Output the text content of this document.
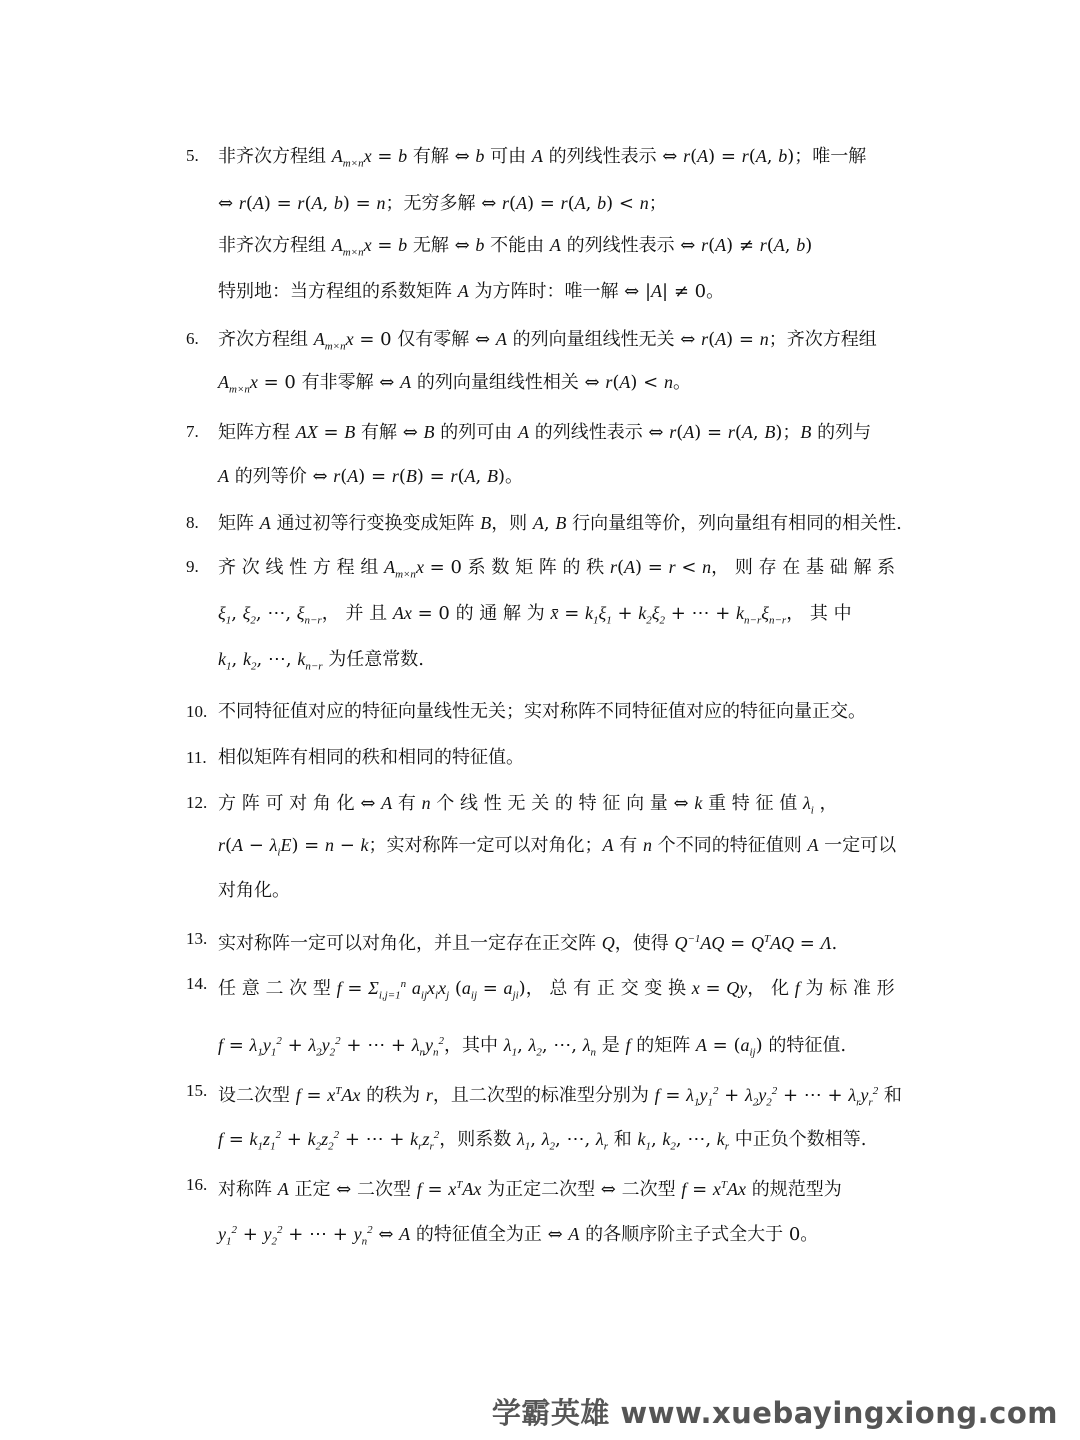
5.	非齐次方程组 $A_{m\times n}x = b$ 有解 ⇔ b 可由 A 的列线性表示 ⇔ r(A) = r(A, b)；唯一解
⇔ r(A) = r(A, b) = n；无穷多解 ⇔ r(A) = r(A, b) < n；
非齐次方程组 $A_{m\times n}x = b$ 无解 ⇔ b 不能由 A 的列线性表示 ⇔ r(A) ≠ r(A, b)
特别地：当方程组的系数矩阵 A 为方阵时：唯一解 ⇔ |A| ≠ 0。
6.	齐次方程组 $A_{m\times n}x = 0$ 仅有零解 ⇔ A 的列向量组线性无关 ⇔ r(A) = n；齐次方程组
$A_{m\times n}x = 0$ 有非零解 ⇔ A 的列向量组线性相关 ⇔ r(A) < n。
7.	矩阵方程 AX = B 有解 ⇔ B 的列可由 A 的列线性表示 ⇔ r(A) = r(A, B)；B 的列与
A 的列等价 ⇔ r(A) = r(B) = r(A, B)。
8.	矩阵 A 通过初等行变换变成矩阵 B，则 A, B 行向量组等价，列向量组有相同的相关性.
9.	齐 次 线 性 方 程 组 $A_{m\times n}x = 0$ 系 数 矩 阵 的 秩 r(A) = r < n， 则 存 在 基 础 解 系
$\xi_1$, $\xi_2$, ⋯, $\xi_{n-r}$， 并 且 Ax = 0 的 通 解 为 x̄ = $k_1\xi_1 + k_2\xi_2$ + ⋯ + $k_{n-r}\xi_{n-r}$， 其 中
$k_1$, $k_2$, ⋯, $k_{n-r}$ 为任意常数.
10. 不同特征值对应的特征向量线性无关；实对称阵不同特征值对应的特征向量正交。
11. 相似矩阵有相同的秩和相同的特征值。
12. 方 阵 可 对 角 化 ⇔ A 有 n 个 线 性 无 关 的 特 征 向 量 ⇔ k 重 特 征 值 $\lambda_i$ ，
$r(A - \lambda_iE) = n - k$；实对称阵一定可以对角化；A 有 n 个不同的特征值则 A 一定可以
对角化。
13. 实对称阵一定可以对角化，并且一定存在正交阵 Q，使得 $Q^{-1}AQ = Q^TAQ = \Lambda$.
14. 任 意 二 次 型 $f = \Sigma_{i,j=1}^n$ $a_{ij}x_ix_j$ $(a_{ij} = a_{ji})$， 总 有 正 交 变 换 x = Qy， 化 f 为 标 准 形
$f = \lambda_1y_1^2 + \lambda_2y_2^2$ + ⋯ + $\lambda_ny_n^2$，其中 $\lambda_1$, $\lambda_2$, ⋯, $\lambda_n$ 是 f 的矩阵 $A = (a_{ij})$ 的特征值.
15. 设二次型 $f = x^TAx$ 的秩为 r，且二次型的标准型分别为 $f = \lambda_1y_1^2 + \lambda_2y_2^2$ + ⋯ + $\lambda_ry_r^2$ 和
$f = k_1z_1^2 + k_2z_2^2$ + ⋯ + $k_rz_r^2$，则系数 $\lambda_1$, $\lambda_2$, ⋯, $\lambda_r$ 和 $k_1$, $k_2$, ⋯, $k_r$ 中正负个数相等.
16. 对称阵 A 正定 ⇔ 二次型 $f = x^TAx$ 为正定二次型 ⇔ 二次型 $f = x^TAx$ 的规范型为
$y_1^2 + y_2^2$ + ⋯ + $y_n^2$ ⇔ A 的特征值全为正 ⇔ A 的各顺序阶主子式全大于 0。
学霸英雄 www.xuebayingxiong.com
